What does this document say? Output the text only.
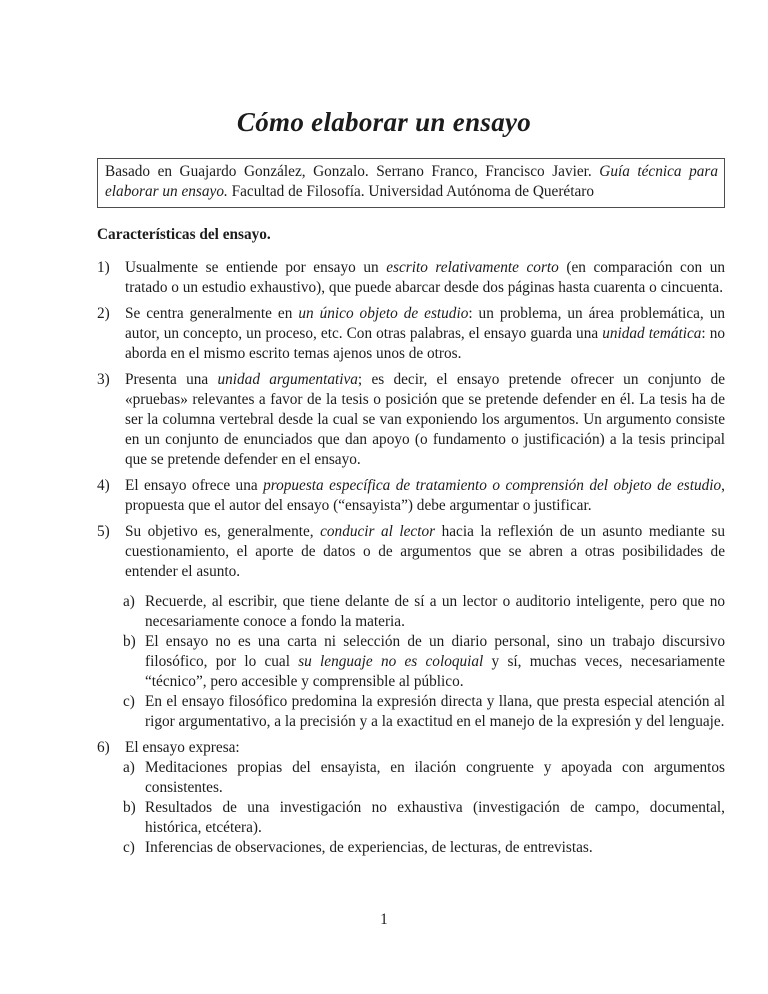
Cómo elaborar un ensayo
Basado en Guajardo González, Gonzalo. Serrano Franco, Francisco Javier. Guía técnica para elaborar un ensayo. Facultad de Filosofía. Universidad Autónoma de Querétaro
Características del ensayo.
1) Usualmente se entiende por ensayo un escrito relativamente corto (en comparación con un tratado o un estudio exhaustivo), que puede abarcar desde dos páginas hasta cuarenta o cincuenta.
2) Se centra generalmente en un único objeto de estudio: un problema, un área problemática, un autor, un concepto, un proceso, etc. Con otras palabras, el ensayo guarda una unidad temática: no aborda en el mismo escrito temas ajenos unos de otros.
3) Presenta una unidad argumentativa; es decir, el ensayo pretende ofrecer un conjunto de «pruebas» relevantes a favor de la tesis o posición que se pretende defender en él. La tesis ha de ser la columna vertebral desde la cual se van exponiendo los argumentos. Un argumento consiste en un conjunto de enunciados que dan apoyo (o fundamento o justificación) a la tesis principal que se pretende defender en el ensayo.
4) El ensayo ofrece una propuesta específica de tratamiento o comprensión del objeto de estudio, propuesta que el autor del ensayo (“ensayista”) debe argumentar o justificar.
5) Su objetivo es, generalmente, conducir al lector hacia la reflexión de un asunto mediante su cuestionamiento, el aporte de datos o de argumentos que se abren a otras posibilidades de entender el asunto.
a) Recuerde, al escribir, que tiene delante de sí a un lector o auditorio inteligente, pero que no necesariamente conoce a fondo la materia.
b) El ensayo no es una carta ni selección de un diario personal, sino un trabajo discursivo filosófico, por lo cual su lenguaje no es coloquial y sí, muchas veces, necesariamente “técnico”, pero accesible y comprensible al público.
c) En el ensayo filosófico predomina la expresión directa y llana, que presta especial atención al rigor argumentativo, a la precisión y a la exactitud en el manejo de la expresión y del lenguaje.
6) El ensayo expresa:
a) Meditaciones propias del ensayista, en ilación congruente y apoyada con argumentos consistentes.
b) Resultados de una investigación no exhaustiva (investigación de campo, documental, histórica, etcétera).
c) Inferencias de observaciones, de experiencias, de lecturas, de entrevistas.
1
